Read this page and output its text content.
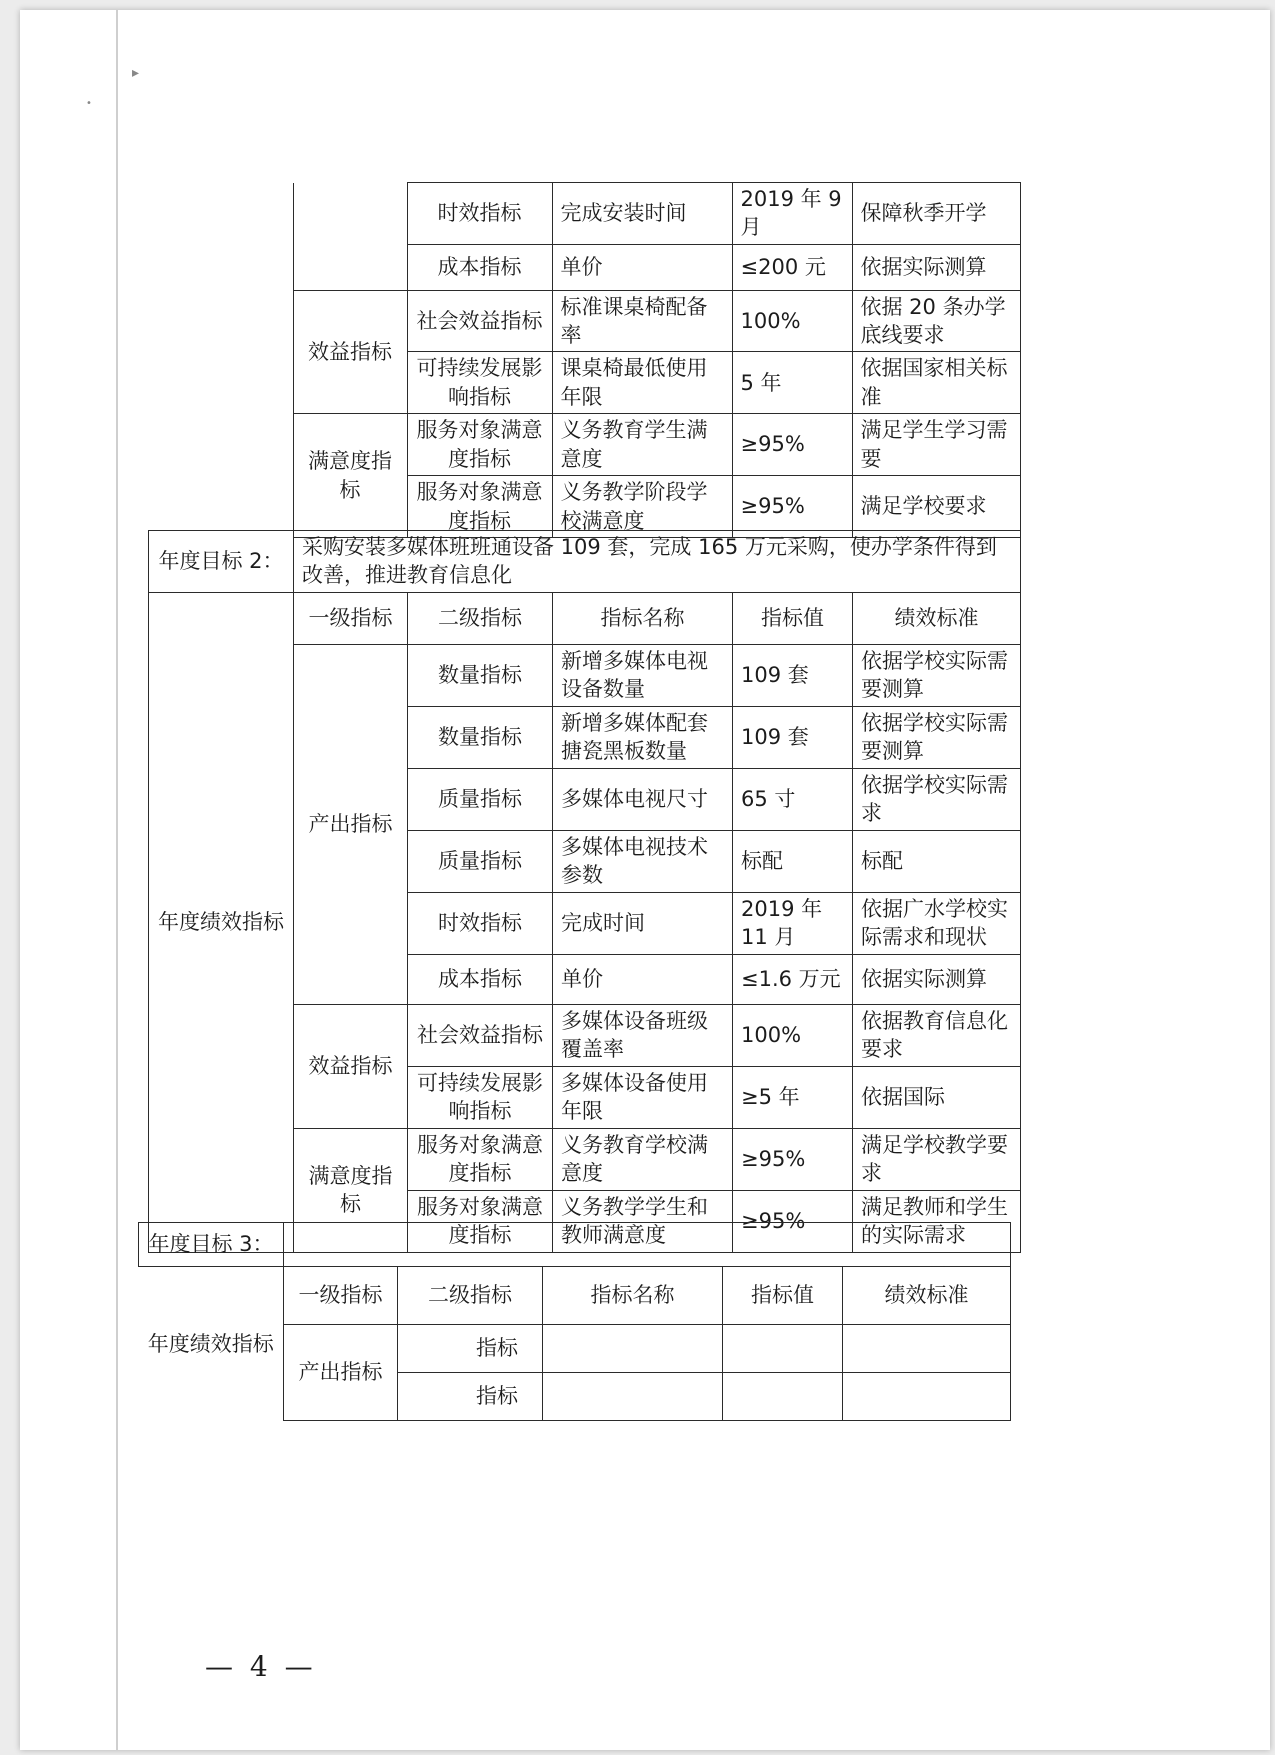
▸
•
		时效指标	完成安装时间	2019 年 9 月	保障秋季开学
		成本指标	单价	≤200 元	依据实际测算
	效益指标	社会效益指标	标准课桌椅配备率	100%	依据 20 条办学底线要求
		可持续发展影响指标	课桌椅最低使用年限	5 年	依据国家相关标准
	满意度指标	服务对象满意度指标	义务教育学生满意度	≥95%	满足学生学习需要
		服务对象满意度指标	义务教学阶段学校满意度	≥95%	满足学校要求
年度目标 2：	采购安装多媒体班班通设备 109 套，完成 165 万元采购，使办学条件得到改善，推进教育信息化				
年度绩效指标	一级指标	二级指标	指标名称	指标值	绩效标准
	产出指标	数量指标	新增多媒体电视设备数量	109 套	依据学校实际需要测算
		数量指标	新增多媒体配套搪瓷黑板数量	109 套	依据学校实际需要测算
		质量指标	多媒体电视尺寸	65 寸	依据学校实际需求
		质量指标	多媒体电视技术参数	标配	标配
		时效指标	完成时间	2019 年 11 月	依据广水学校实际需求和现状
		成本指标	单价	≤1.6 万元	依据实际测算
	效益指标	社会效益指标	多媒体设备班级覆盖率	100%	依据教育信息化要求
		可持续发展影响指标	多媒体设备使用年限	≥5 年	依据国际
	满意度指标	服务对象满意度指标	义务教育学校满意度	≥95%	满足学校教学要求
		服务对象满意度指标	义务教学学生和教师满意度	≥95%	满足教师和学生的实际需求
年度目标 3：					
年度绩效指标	一级指标	二级指标	指标名称	指标值	绩效标准
	产出指标	指标			
		指标			
— 4 —
